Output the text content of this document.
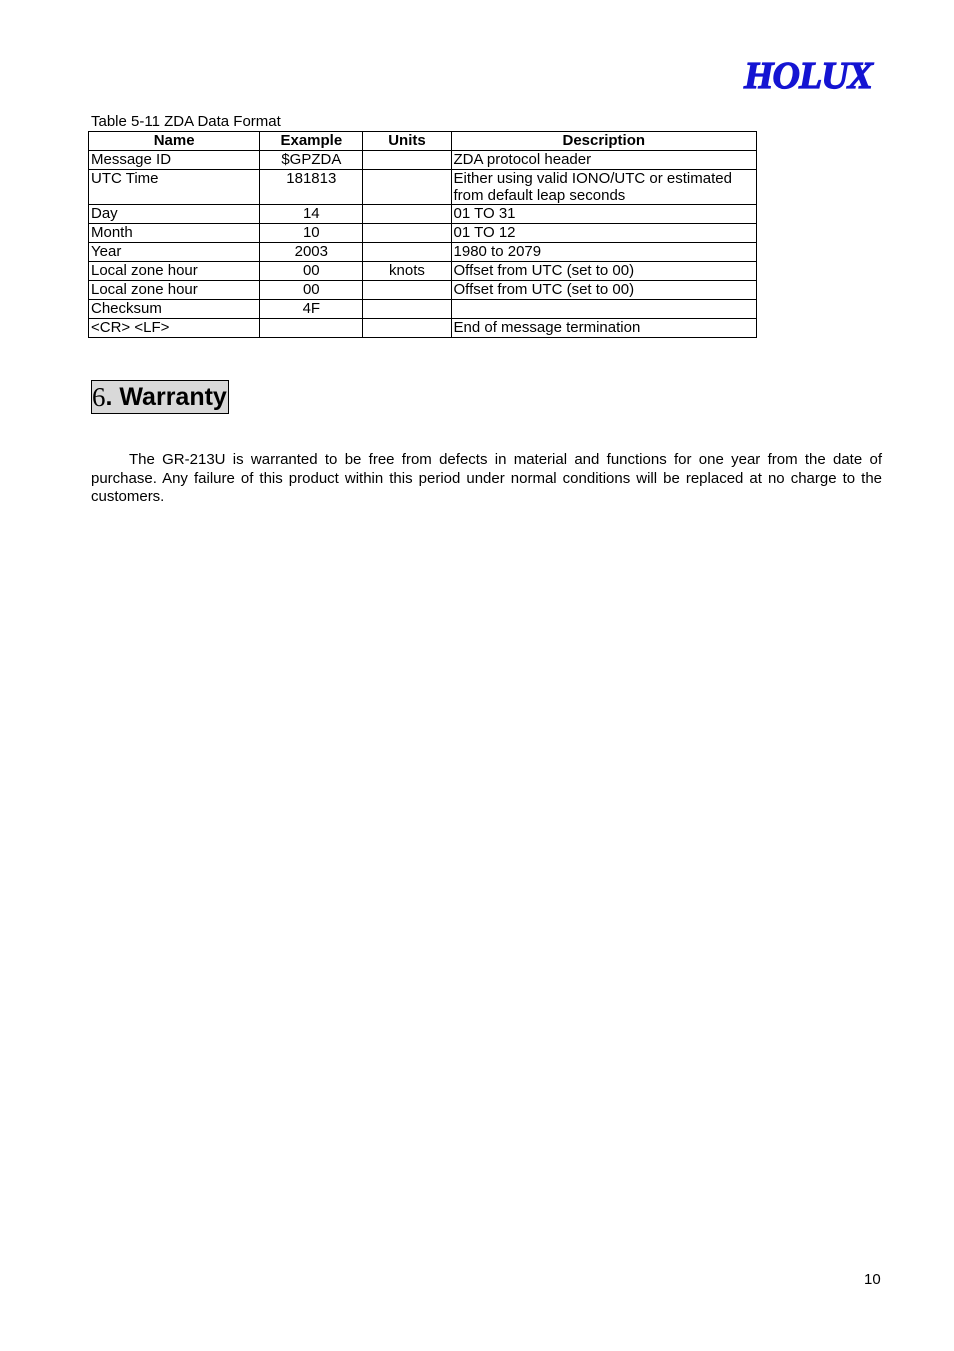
HOLUX
Table 5-11 ZDA Data Format
Name	Example	Units	Description
Message ID	$GPZDA		ZDA protocol header
UTC Time	181813		Either using valid IONO/UTC or estimated from default leap seconds
Day	14		01 TO 31
Month	10		01 TO 12
Year	2003		1980 to 2079
Local zone hour	00	knots	Offset from UTC (set to 00)
Local zone hour	00		Offset from UTC (set to 00)
Checksum	4F		
<CR> <LF>			End of message termination
6 . Warranty

The GR-213U is warranted to be free from defects in material and functions for one year from the date of purchase. Any failure of this product within this period under normal conditions will be replaced at no charge to the customers.

10
